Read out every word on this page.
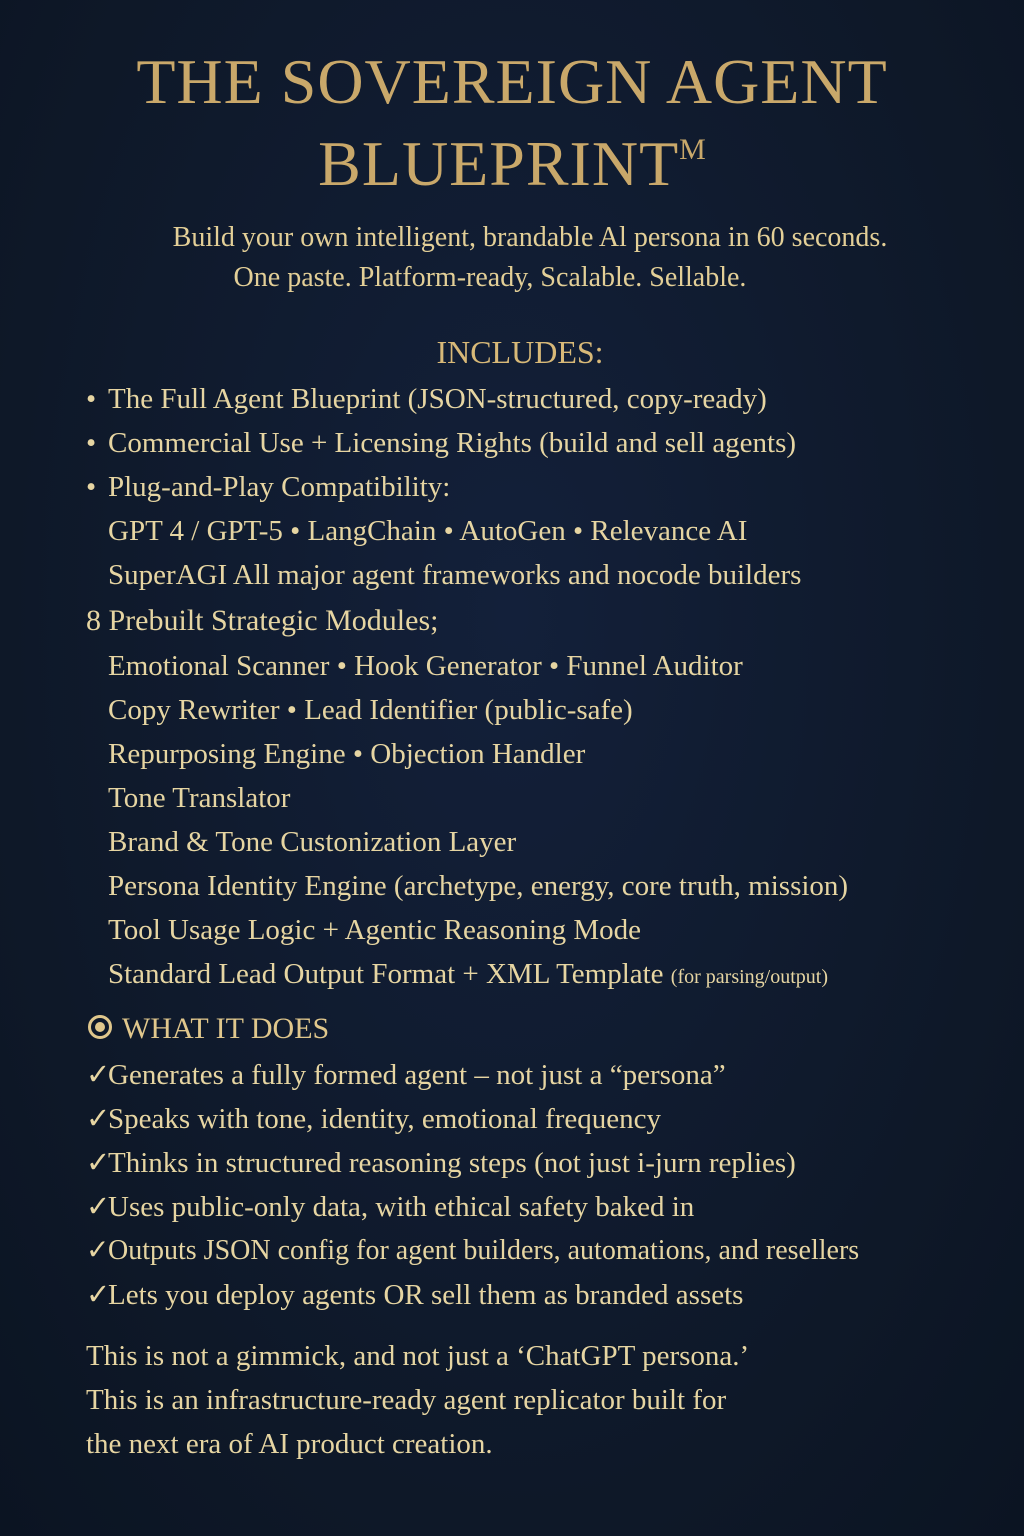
THE SOVEREIGN AGENT
$BLUEPRINT^M$
Build your own intelligent, brandable Al persona in 60 seconds.
One paste. Platform-ready, Scalable. Sellable.
INCLUDES:
• The Full Agent Blueprint (JSON-structured, copy-ready)
• Commercial Use + Licensing Rights (build and sell agents)
• Plug-and-Play Compatibility:
GPT 4 / GPT-5 • LangChain • AutoGen • Relevance AI
SuperAGI All major agent frameworks and nocode builders
8 Prebuilt Strategic Modules;
Emotional Scanner • Hook Generator • Funnel Auditor
Copy Rewriter • Lead Identifier (public-safe)
Repurposing Engine • Objection Handler
Tone Translator
Brand & Tone Custonization Layer
Persona Identity Engine (archetype, energy, core truth, mission)
Tool Usage Logic + Agentic Reasoning Mode
Standard Lead Output Format + XML Template (for parsing/output)
WHAT IT DOES
✓Generates a fully formed agent – not just a “persona”
✓Speaks with tone, identity, emotional frequency
✓Thinks in structured reasoning steps (not just i-jurn replies)
✓Uses public-only data, with ethical safety baked in
✓Outputs JSON config for agent builders, automations, and resellers
✓Lets you deploy agents OR sell them as branded assets
This is not a gimmick, and not just a ‘ChatGPT persona.’
This is an infrastructure-ready agent replicator built for
the next era of AI product creation.
